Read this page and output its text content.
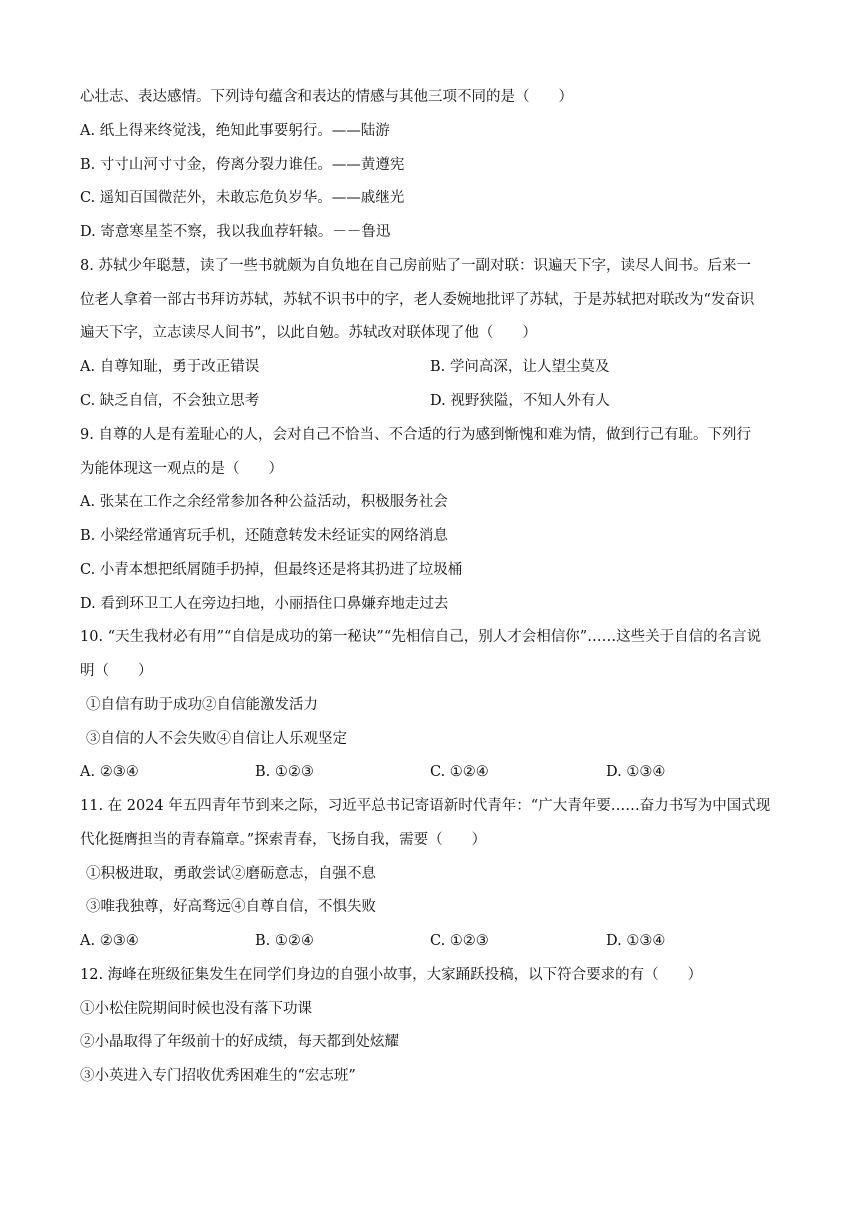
心壮志、表达感情。下列诗句蕴含和表达的情感与其他三项不同的是（　　）
A. 纸上得来终觉浅，绝知此事要躬行。——陆游
B. 寸寸山河寸寸金，侉离分裂力谁任。——黄遵宪
C. 遥知百国微茫外，未敢忘危负岁华。——戚继光
D. 寄意寒星荃不察，我以我血荐轩辕。－－鲁迅
8. 苏轼少年聪慧，读了一些书就颇为自负地在自己房前贴了一副对联：识遍天下字，读尽人间书。后来一
位老人拿着一部古书拜访苏轼，苏轼不识书中的字，老人委婉地批评了苏轼，于是苏轼把对联改为“发奋识
遍天下字，立志读尽人间书”，以此自勉。苏轼改对联体现了他（　　）
A. 自尊知耻，勇于改正错误	B. 学问高深，让人望尘莫及
C. 缺乏自信，不会独立思考	D. 视野狭隘，不知人外有人
9. 自尊的人是有羞耻心的人，会对自己不恰当、不合适的行为感到惭愧和难为情，做到行己有耻。下列行
为能体现这一观点的是（　　）
A. 张某在工作之余经常参加各种公益活动，积极服务社会
B. 小梁经常通宵玩手机，还随意转发未经证实的网络消息
C. 小青本想把纸屑随手扔掉，但最终还是将其扔进了垃圾桶
D. 看到环卫工人在旁边扫地，小丽捂住口鼻嫌弃地走过去
10. “天生我材必有用”“自信是成功的第一秘诀”“先相信自己，别人才会相信你”……这些关于自信的名言说
明（　　）
①自信有助于成功②自信能激发活力
③自信的人不会失败④自信让人乐观坚定
A. ②③④	B. ①②③	C. ①②④	D. ①③④
11. 在 2024 年五四青年节到来之际，习近平总书记寄语新时代青年：“广大青年要……奋力书写为中国式现
代化挺膺担当的青春篇章。”探索青春，飞扬自我，需要（　　）
①积极进取，勇敢尝试②磨砺意志，自强不息
③唯我独尊，好高骛远④自尊自信，不惧失败
A. ②③④	B. ①②④	C. ①②③	D. ①③④
12. 海峰在班级征集发生在同学们身边的自强小故事，大家踊跃投稿，以下符合要求的有（　　）
①小松住院期间时候也没有落下功课
②小晶取得了年级前十的好成绩，每天都到处炫耀
③小英进入专门招收优秀困难生的“宏志班”
